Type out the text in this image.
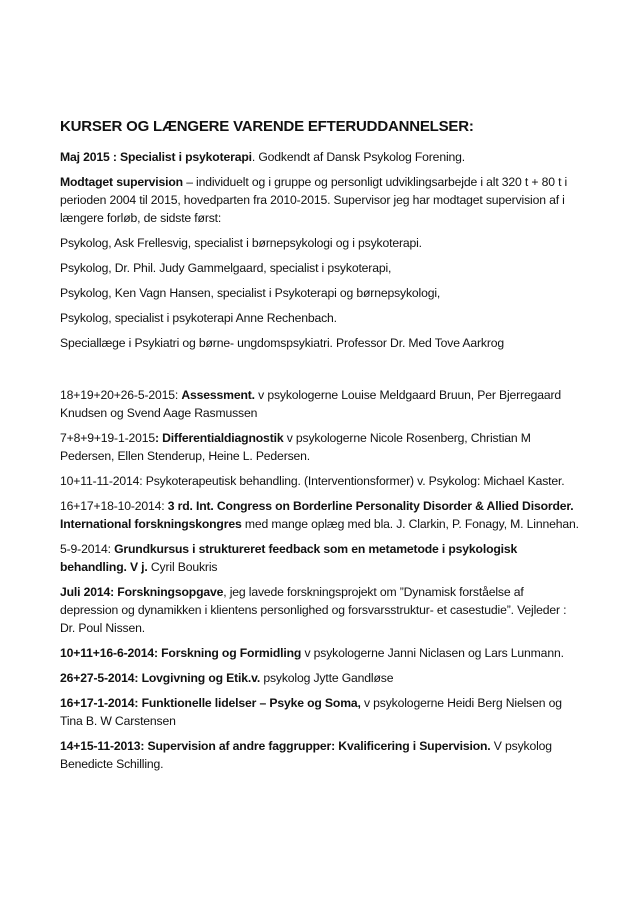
KURSER OG LÆNGERE VARENDE EFTERUDDANNELSER:

Maj 2015 : Specialist i psykoterapi. Godkendt af Dansk Psykolog Forening.

Modtaget supervision – individuelt og i gruppe og personligt udviklingsarbejde i alt 320 t + 80 t i perioden 2004 til 2015, hovedparten fra 2010-2015. Supervisor jeg har modtaget supervision af i længere forløb, de sidste først:

Psykolog, Ask Frellesvig, specialist i børnepsykologi og i psykoterapi.

Psykolog, Dr. Phil. Judy Gammelgaard, specialist i psykoterapi,

Psykolog, Ken Vagn Hansen, specialist i Psykoterapi og børnepsykologi,

Psykolog, specialist i psykoterapi Anne Rechenbach.

Speciallæge i Psykiatri og børne- ungdomspsykiatri. Professor Dr. Med Tove Aarkrog

18+19+20+26-5-2015: Assessment. v psykologerne Louise Meldgaard Bruun, Per Bjerregaard Knudsen og Svend Aage Rasmussen

7+8+9+19-1-2015: Differentialdiagnostik v psykologerne Nicole Rosenberg, Christian M Pedersen, Ellen Stenderup, Heine L. Pedersen.

10+11-11-2014: Psykoterapeutisk behandling. (Interventionsformer) v. Psykolog: Michael Kaster.

16+17+18-10-2014: 3 rd. Int. Congress on Borderline Personality Disorder & Allied Disorder. International forskningskongres med mange oplæg med bla. J. Clarkin, P. Fonagy, M. Linnehan.

5-9-2014: Grundkursus i struktureret feedback som en metametode i psykologisk behandling. V j. Cyril Boukris

Juli 2014: Forskningsopgave, jeg lavede forskningsprojekt om ”Dynamisk forståelse af depression og dynamikken i klientens personlighed og forsvarsstruktur- et casestudie”. Vejleder : Dr. Poul Nissen.

10+11+16-6-2014: Forskning og Formidling v psykologerne Janni Niclasen og Lars Lunmann.

26+27-5-2014: Lovgivning og Etik.v. psykolog Jytte Gandløse

16+17-1-2014: Funktionelle lidelser – Psyke og Soma, v psykologerne Heidi Berg Nielsen og Tina B. W Carstensen

14+15-11-2013: Supervision af andre faggrupper: Kvalificering i Supervision. V psykolog Benedicte Schilling.
